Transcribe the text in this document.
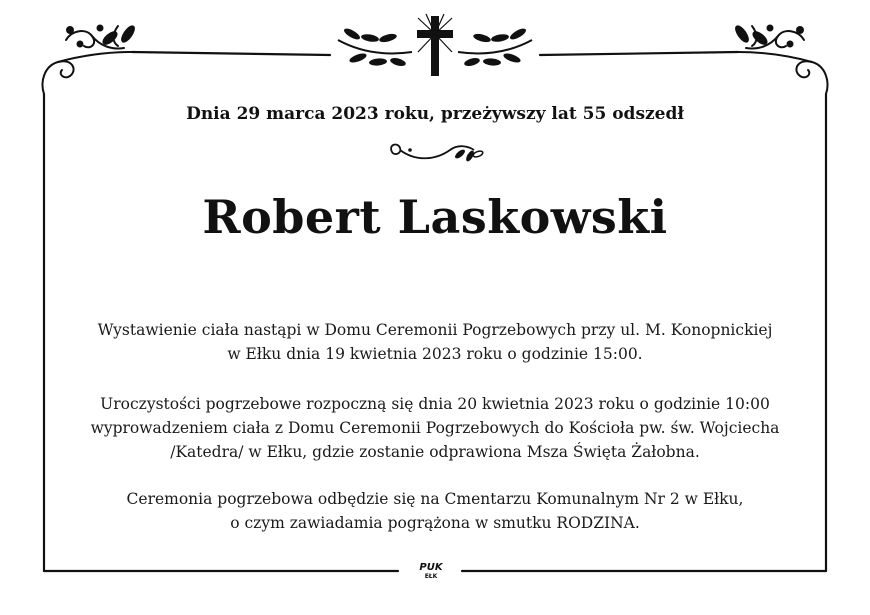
Dnia 29 marca 2023 roku, przeżywszy lat 55 odszedł
Robert Laskowski
Wystawienie ciała nastąpi w Domu Ceremonii Pogrzebowych przy ul. M. Konopnickiej
w Ełku dnia 19 kwietnia 2023 roku o godzinie 15:00.
Uroczystości pogrzebowe rozpoczną się dnia 20 kwietnia 2023 roku o godzinie 10:00
wyprowadzeniem ciała z Domu Ceremonii Pogrzebowych do Kościoła pw. św. Wojciecha
/Katedra/ w Ełku, gdzie zostanie odprawiona Msza Święta Żałobna.
Ceremonia pogrzebowa odbędzie się na Cmentarzu Komunalnym Nr 2 w Ełku,
o czym zawiadamia pogrążona w smutku RODZINA.
PUK
EŁK
